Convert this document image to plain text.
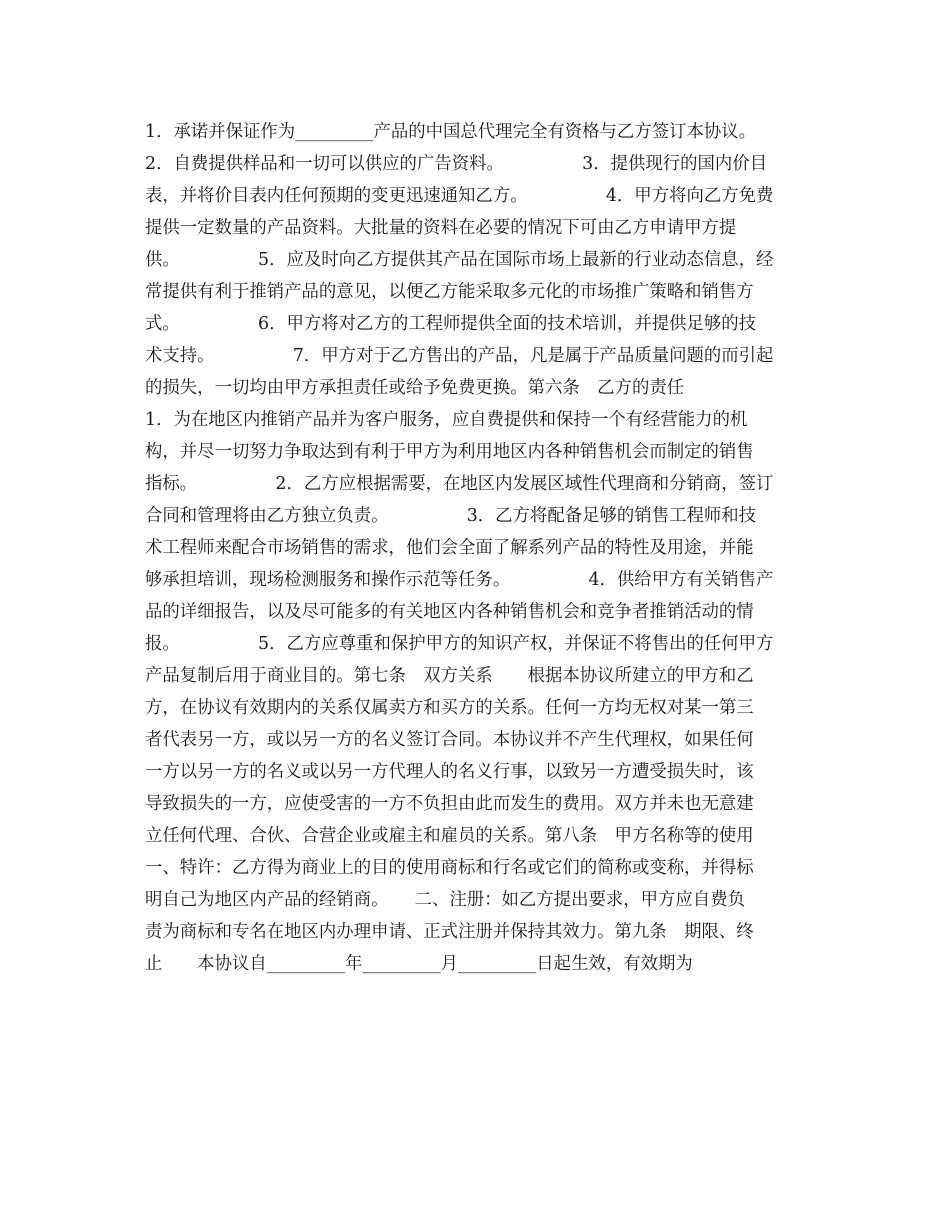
1．承诺并保证作为_________产品的中国总代理完全有资格与乙方签订本协议。
2．自费提供样品和一切可以供应的广告资料。　　　　　3．提供现行的国内价目
表，并将价目表内任何预期的变更迅速通知乙方。　　　　　4．甲方将向乙方免费
提供一定数量的产品资料。大批量的资料在必要的情况下可由乙方申请甲方提
供。　　　　　5．应及时向乙方提供其产品在国际市场上最新的行业动态信息，经
常提供有利于推销产品的意见，以便乙方能采取多元化的市场推广策略和销售方
式。　　　　　6．甲方将对乙方的工程师提供全面的技术培训，并提供足够的技
术支持。　　　　　7．甲方对于乙方售出的产品，凡是属于产品质量问题的而引起
的损失，一切均由甲方承担责任或给予免费更换。第六条　乙方的责任
1．为在地区内推销产品并为客户服务，应自费提供和保持一个有经营能力的机
构，并尽一切努力争取达到有利于甲方为利用地区内各种销售机会而制定的销售
指标。　　　　　2．乙方应根据需要，在地区内发展区域性代理商和分销商，签订
合同和管理将由乙方独立负责。　　　　　3．乙方将配备足够的销售工程师和技
术工程师来配合市场销售的需求，他们会全面了解系列产品的特性及用途，并能
够承担培训，现场检测服务和操作示范等任务。　　　　　4．供给甲方有关销售产
品的详细报告，以及尽可能多的有关地区内各种销售机会和竞争者推销活动的情
报。　　　　　5．乙方应尊重和保护甲方的知识产权，并保证不将售出的任何甲方
产品复制后用于商业目的。第七条　双方关系　　根据本协议所建立的甲方和乙
方，在协议有效期内的关系仅属卖方和买方的关系。任何一方均无权对某一第三
者代表另一方，或以另一方的名义签订合同。本协议并不产生代理权，如果任何
一方以另一方的名义或以另一方代理人的名义行事，以致另一方遭受损失时，该
导致损失的一方，应使受害的一方不负担由此而发生的费用。双方并未也无意建
立任何代理、合伙、合营企业或雇主和雇员的关系。第八条　甲方名称等的使用
一、特许：乙方得为商业上的目的使用商标和行名或它们的简称或变称，并得标
明自己为地区内产品的经销商。　　二、注册：如乙方提出要求，甲方应自费负
责为商标和专名在地区内办理申请、正式注册并保持其效力。第九条　期限、终
止　　本协议自_________年_________月_________日起生效，有效期为
